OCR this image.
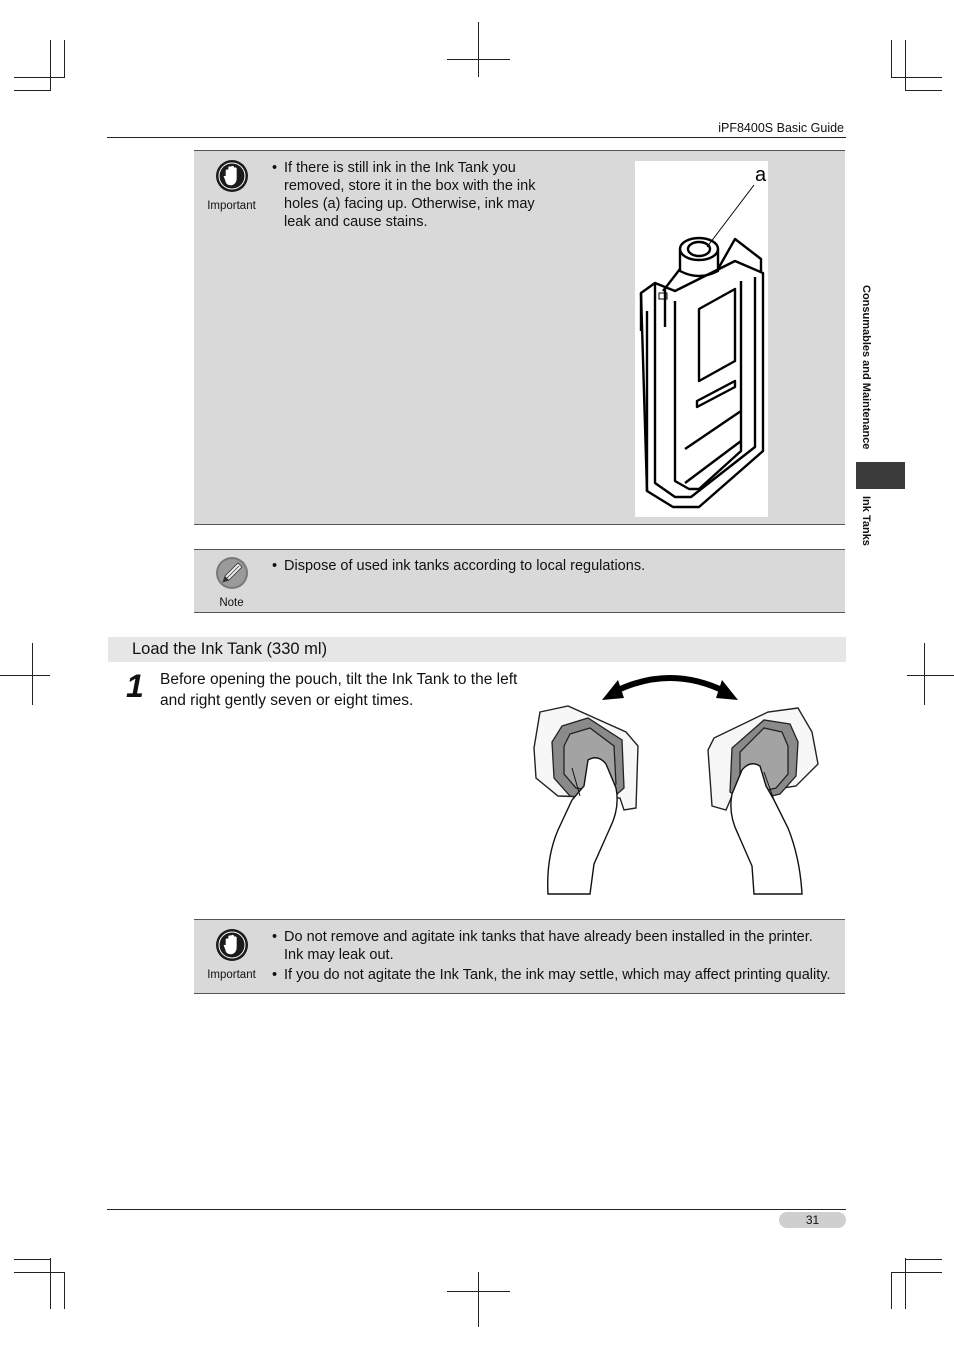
iPF8400S Basic Guide
Consumables and Maintenance
Ink Tanks
Important
• If there is still ink in the Ink Tank you removed, store it in the box with the ink holes (a) facing up. Otherwise, ink may leak and cause stains.
a
Note
• Dispose of used ink tanks according to local regulations.
Load the Ink Tank (330 ml)
1 Before opening the pouch, tilt the Ink Tank to the left and right gently seven or eight times.
Important
• Do not remove and agitate ink tanks that have already been installed in the printer. Ink may leak out.
• If you do not agitate the Ink Tank, the ink may settle, which may affect printing quality.
31
